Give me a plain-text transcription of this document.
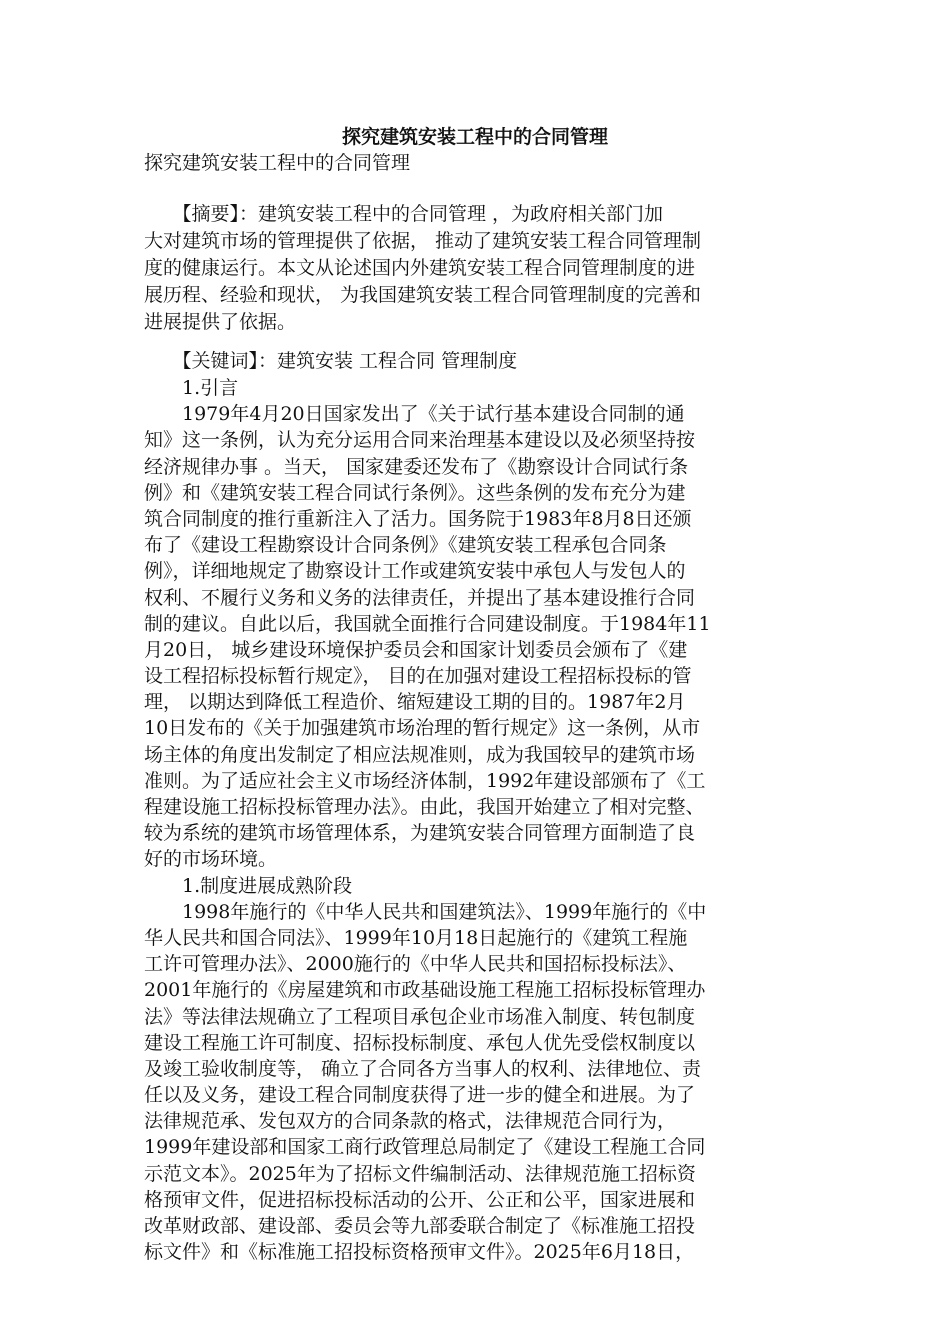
探究建筑安装工程中的合同管理
探究建筑安装工程中的合同管理
　　【摘要】：建筑安装工程中的合同管理 ，为政府相关部门加
大对建筑市场的管理提供了依据， 推动了建筑安装工程合同管理制
度的健康运行。本文从论述国内外建筑安装工程合同管理制度的进
展历程、经验和现状， 为我国建筑安装工程合同管理制度的完善和
进展提供了依据。
　　【关键词】：建筑安装 工程合同 管理制度
　　1.引言
　　1979年4月20日国家发出了《关于试行基本建设合同制的通
知》这一条例，认为充分运用合同来治理基本建设以及必须坚持按
经济规律办事 。当天， 国家建委还发布了《勘察设计合同试行条
例》和《建筑安装工程合同试行条例》。这些条例的发布充分为建
筑合同制度的推行重新注入了活力。国务院于1983年8月8日还颁
布了《建设工程勘察设计合同条例》《建筑安装工程承包合同条
例》，详细地规定了勘察设计工作或建筑安装中承包人与发包人的
权利、不履行义务和义务的法律责任，并提出了基本建设推行合同
制的建议。自此以后，我国就全面推行合同建设制度。于1984年11
月20日， 城乡建设环境保护委员会和国家计划委员会颁布了《建
设工程招标投标暂行规定》， 目的在加强对建设工程招标投标的管
理， 以期达到降低工程造价、缩短建设工期的目的。1987年2月
10日发布的《关于加强建筑市场治理的暂行规定》这一条例，从市
场主体的角度出发制定了相应法规准则，成为我国较早的建筑市场
准则。为了适应社会主义市场经济体制，1992年建设部颁布了《工
程建设施工招标投标管理办法》。由此，我国开始建立了相对完整、
较为系统的建筑市场管理体系，为建筑安装合同管理方面制造了良
好的市场环境。
　　1.制度进展成熟阶段
　　1998年施行的《中华人民共和国建筑法》、1999年施行的《中
华人民共和国合同法》、1999年10月18日起施行的《建筑工程施
工许可管理办法》、2000施行的《中华人民共和国招标投标法》、
2001年施行的《房屋建筑和市政基础设施工程施工招标投标管理办
法》等法律法规确立了工程项目承包企业市场准入制度、转包制度
建设工程施工许可制度、招标投标制度、承包人优先受偿权制度以
及竣工验收制度等， 确立了合同各方当事人的权利、法律地位、责
任以及义务，建设工程合同制度获得了进一步的健全和进展。为了
法律规范承、发包双方的合同条款的格式，法律规范合同行为，
1999年建设部和国家工商行政管理总局制定了《建设工程施工合同
示范文本》。2025年为了招标文件编制活动、法律规范施工招标资
格预审文件，促进招标投标活动的公开、公正和公平，国家进展和
改革财政部、建设部、委员会等九部委联合制定了《标准施工招投
标文件》和《标准施工招投标资格预审文件》。2025年6月18日，
